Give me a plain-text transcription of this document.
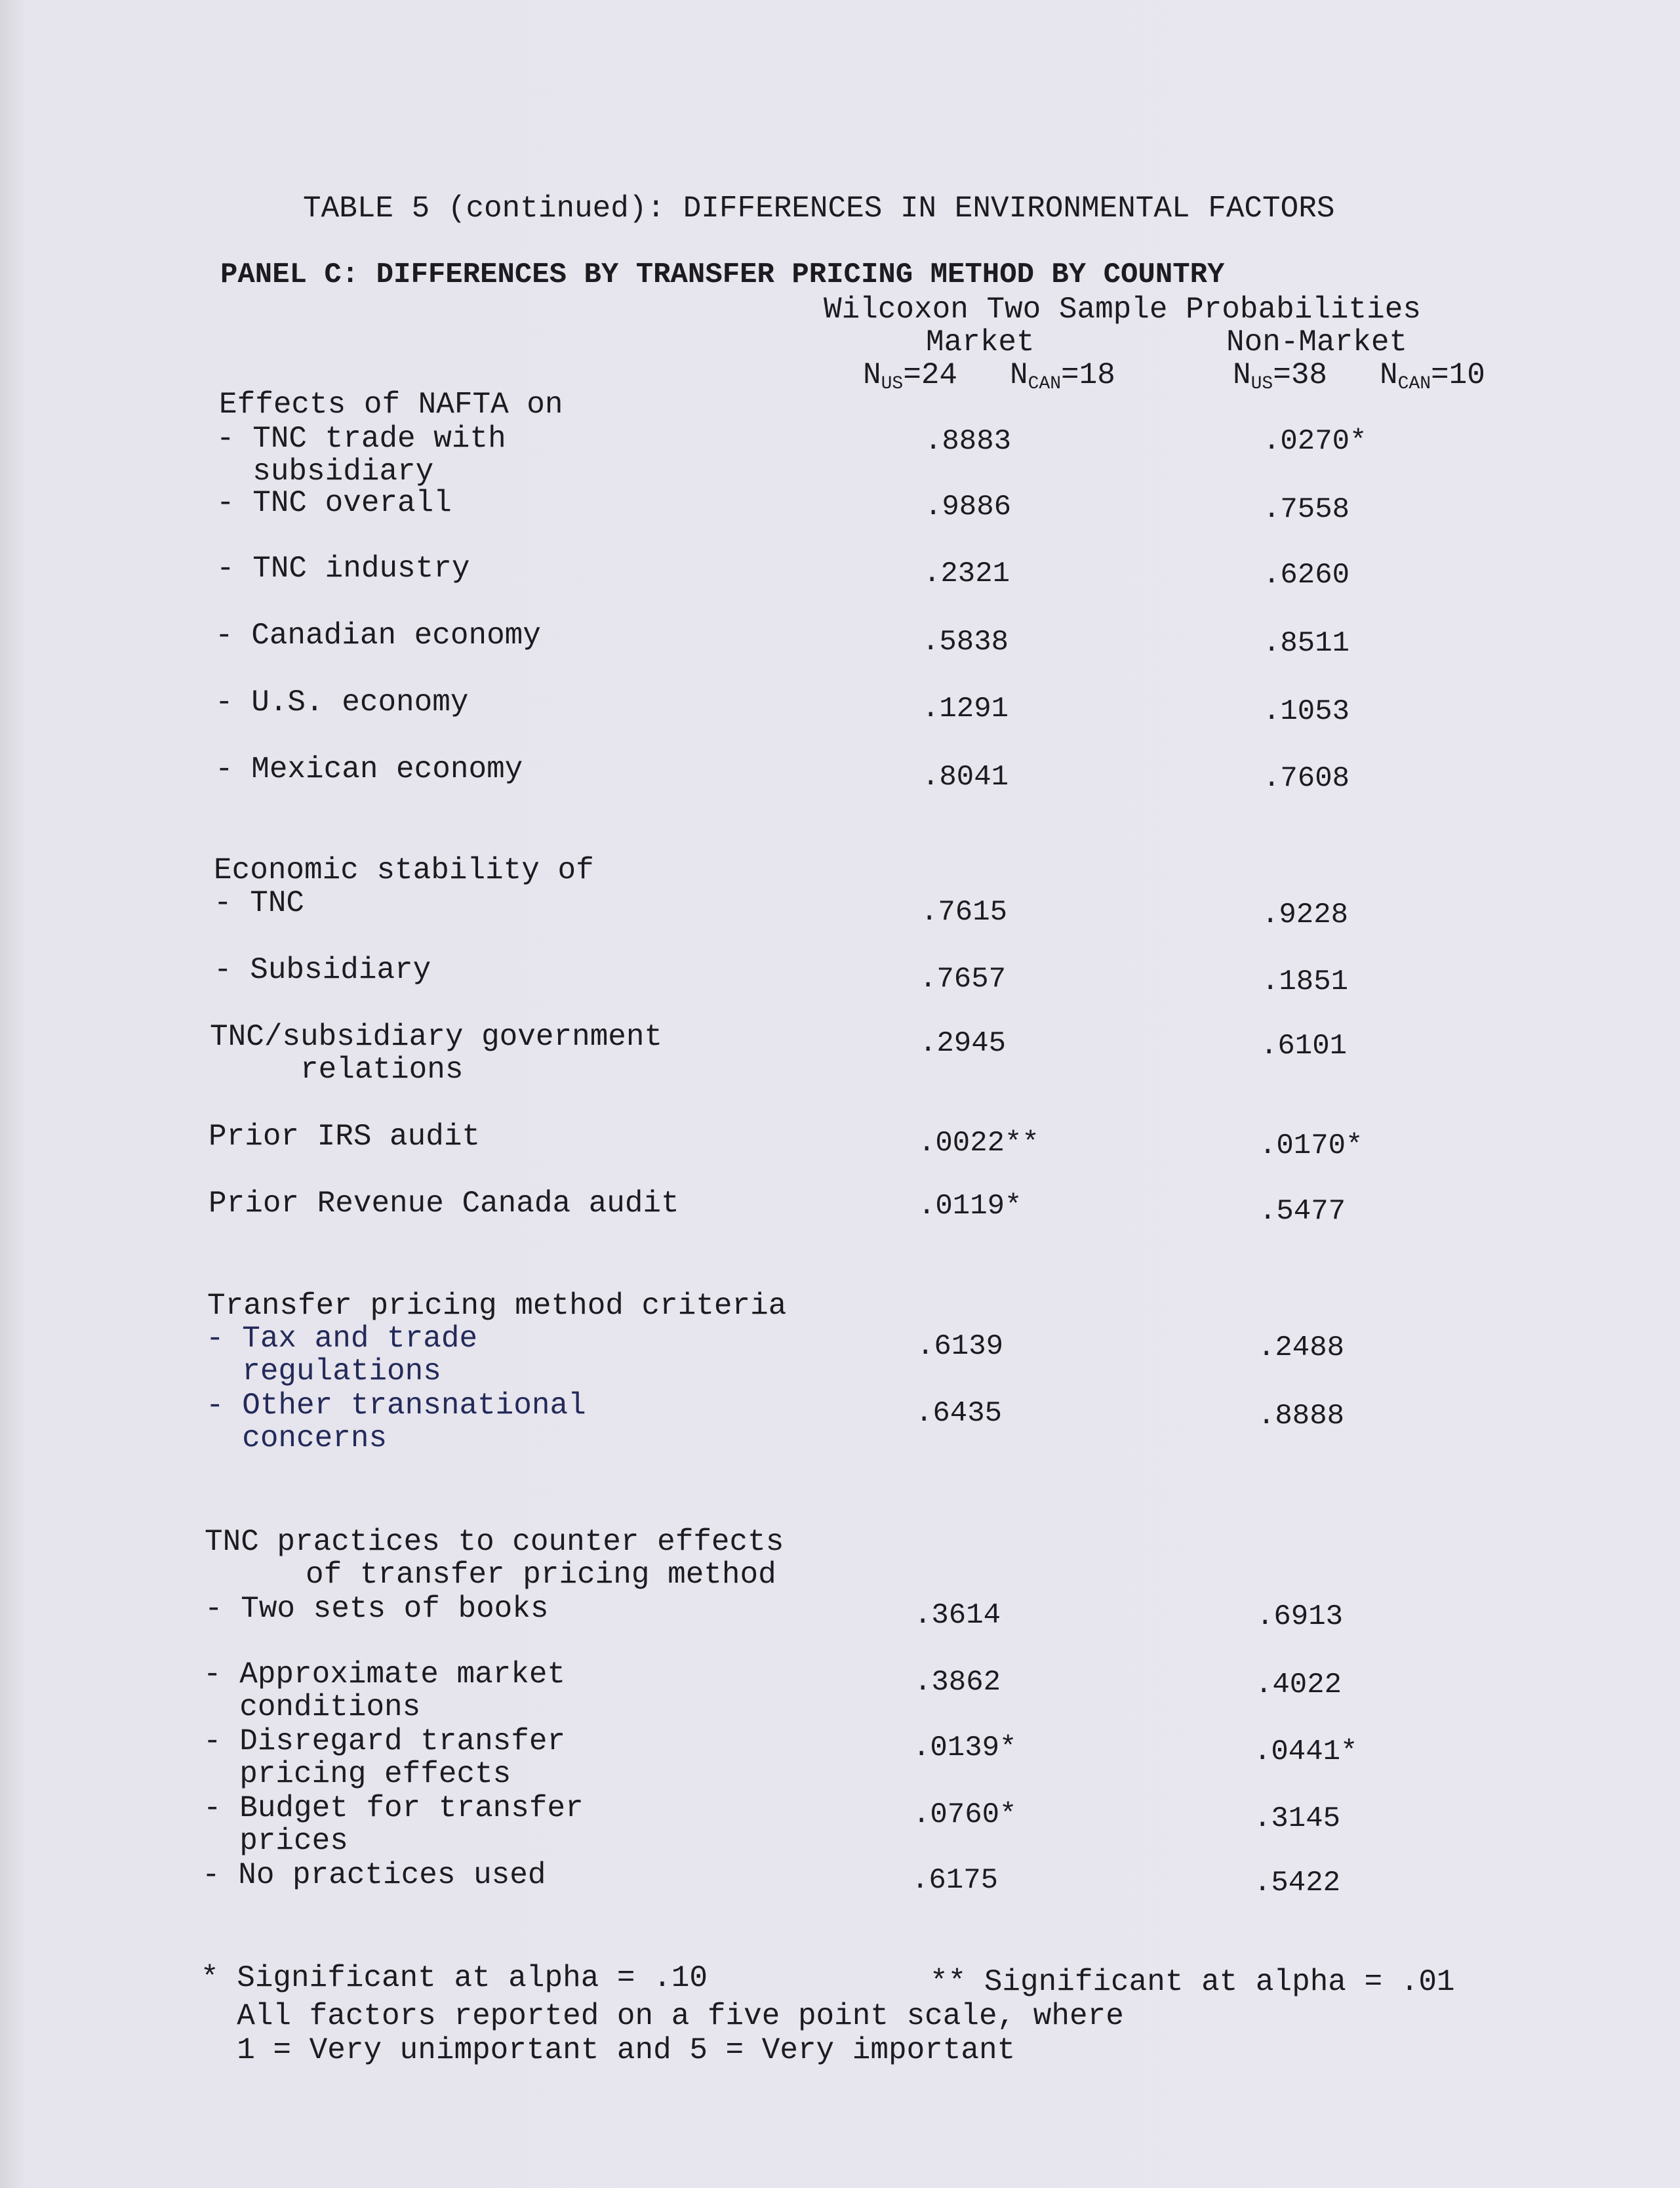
TABLE 5 (continued): DIFFERENCES IN ENVIRONMENTAL FACTORS
PANEL C: DIFFERENCES BY TRANSFER PRICING METHOD BY COUNTRY
Wilcoxon Two Sample Probabilities
Market	Non-Market
$N_{US}=24$ $N_{CAN}=18$	$N_{US}=38$ $N_{CAN}=10$
Effects of NAFTA on
Economic stability of
Transfer pricing method criteria
TNC practices to counter effects
of transfer pricing method
- TNC trade with
subsidiary
.8883	.0270*
- TNC overall	.9886	.7558
- TNC industry	.2321	.6260
- Canadian economy	.5838	.8511
- U.S. economy	.1291	.1053
- Mexican economy	.8041	.7608
- TNC	.7615	.9228
- Subsidiary	.7657	.1851
TNC/subsidiary government
relations
.2945	.6101
Prior IRS audit	.0022**	.0170*
Prior Revenue Canada audit	.0119*	.5477
- Tax and trade
regulations
.6139	.2488
- Other transnational
concerns
.6435	.8888
- Two sets of books	.3614	.6913
- Approximate market
conditions
.3862	.4022
- Disregard transfer
pricing effects
.0139*	.0441*
- Budget for transfer
prices
.0760*	.3145
- No practices used	.6175	.5422
* Significant at alpha = .10	** Significant at alpha = .01
All factors reported on a five point scale, where
1 = Very unimportant and 5 = Very important
